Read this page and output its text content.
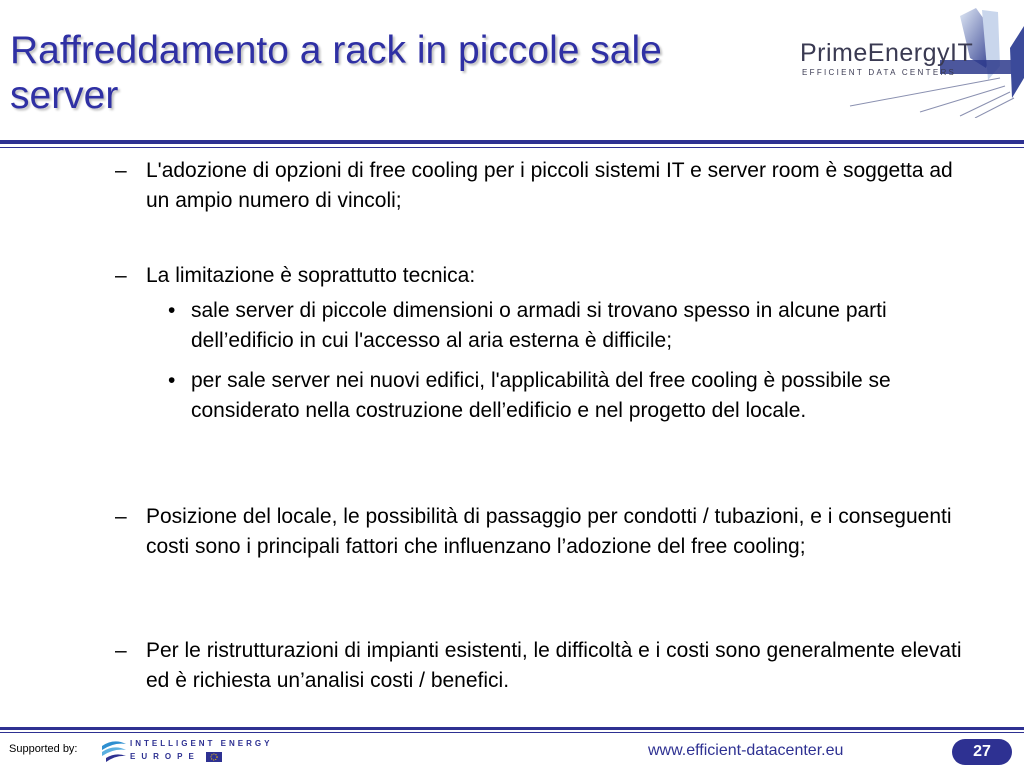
Raffreddamento a rack in piccole sale server
PrimeEnergyIT
EFFICIENT DATA CENTERS
– L'adozione di opzioni di free cooling per i piccoli sistemi IT e server room è soggetta ad un ampio numero di vincoli;
– La limitazione è soprattutto tecnica:
• sale server di piccole dimensioni o armadi si trovano spesso in alcune parti dell’edificio in cui l'accesso al aria esterna è difficile;
• per sale server nei nuovi edifici, l'applicabilità del free cooling è possibile se considerato nella costruzione dell’edificio e nel progetto del locale.
– Posizione del locale, le possibilità di passaggio per condotti / tubazioni, e i conseguenti costi sono i principali fattori che influenzano l’adozione del free cooling;
– Per le ristrutturazioni di impianti esistenti, le difficoltà e i costi sono generalmente elevati ed è richiesta un’analisi costi / benefici.
Supported by:	INTELLIGENT ENERGY
EUROPE	www.efficient-datacenter.eu	27
